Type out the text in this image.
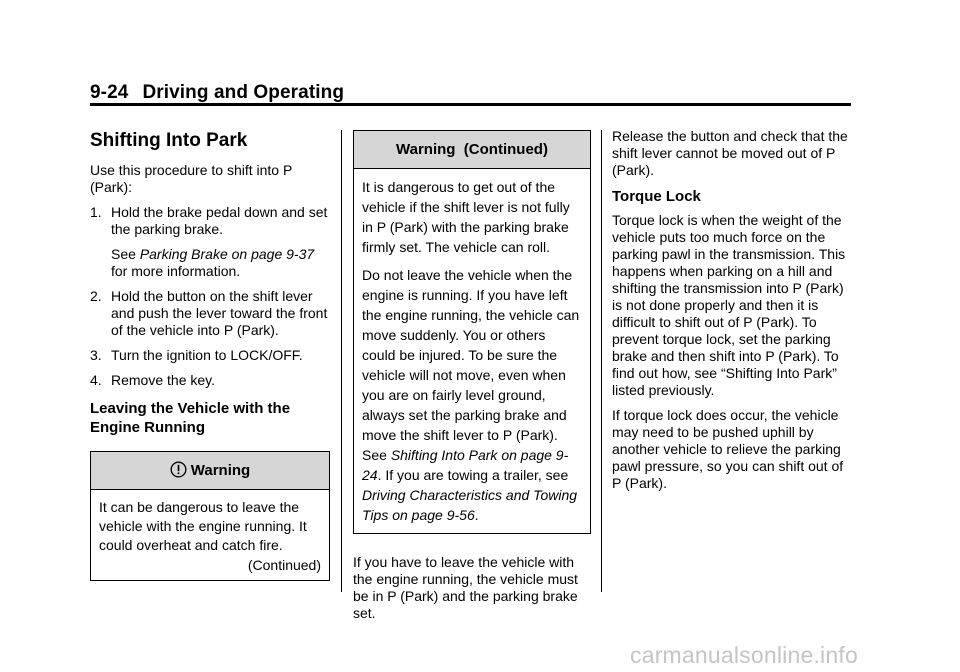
9-24 Driving and Operating
Shifting Into Park

Use this procedure to shift into P (Park):

1. Hold the brake pedal down and set the parking brake.

See Parking Brake on page 9-37 for more information.

2. Hold the button on the shift lever and push the lever toward the front of the vehicle into P (Park).
3. Turn the ignition to LOCK/OFF.
4. Remove the key.
Leaving the Vehicle with the Engine Running
Warning

It can be dangerous to leave the vehicle with the engine running. It could overheat and catch fire.

(Continued)
Warning  (Continued)

It is dangerous to get out of the vehicle if the shift lever is not fully in P (Park) with the parking brake firmly set. The vehicle can roll.

Do not leave the vehicle when the engine is running. If you have left the engine running, the vehicle can move suddenly. You or others could be injured. To be sure the vehicle will not move, even when you are on fairly level ground, always set the parking brake and move the shift lever to P (Park). See Shifting Into Park on page 9-24. If you are towing a trailer, see Driving Characteristics and Towing Tips on page 9-56.

If you have to leave the vehicle with the engine running, the vehicle must be in P (Park) and the parking brake set.

Release the button and check that the shift lever cannot be moved out of P (Park).

Torque Lock

Torque lock is when the weight of the vehicle puts too much force on the parking pawl in the transmission. This happens when parking on a hill and shifting the transmission into P (Park) is not done properly and then it is difficult to shift out of P (Park). To prevent torque lock, set the parking brake and then shift into P (Park). To find out how, see “Shifting Into Park” listed previously.

If torque lock does occur, the vehicle may need to be pushed uphill by another vehicle to relieve the parking pawl pressure, so you can shift out of P (Park).

carmanualsonline.info
